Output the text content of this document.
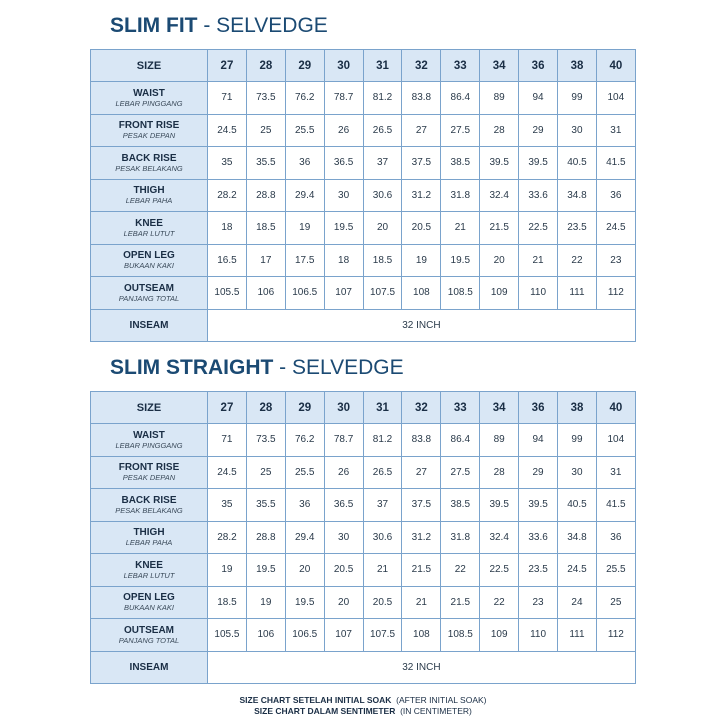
SLIM FIT - SELVEDGE
SIZE	27	28	29	30	31	32	33	34	36	38	40

WAIST
LEBAR PINGGANG	71	73.5	76.2	78.7	81.2	83.8	86.4	89	94	99	104

FRONT RISE
PESAK DEPAN	24.5	25	25.5	26	26.5	27	27.5	28	29	30	31

BACK RISE
PESAK BELAKANG	35	35.5	36	36.5	37	37.5	38.5	39.5	39.5	40.5	41.5

THIGH
LEBAR PAHA	28.2	28.8	29.4	30	30.6	31.2	31.8	32.4	33.6	34.8	36

KNEE
LEBAR LUTUT	18	18.5	19	19.5	20	20.5	21	21.5	22.5	23.5	24.5

OPEN LEG
BUKAAN KAKI	16.5	17	17.5	18	18.5	19	19.5	20	21	22	23

OUTSEAM
PANJANG TOTAL	105.5	106	106.5	107	107.5	108	108.5	109	110	111	112

INSEAM	32 INCH										
SLIM STRAIGHT - SELVEDGE
SIZE	27	28	29	30	31	32	33	34	36	38	40

WAIST
LEBAR PINGGANG	71	73.5	76.2	78.7	81.2	83.8	86.4	89	94	99	104

FRONT RISE
PESAK DEPAN	24.5	25	25.5	26	26.5	27	27.5	28	29	30	31

BACK RISE
PESAK BELAKANG	35	35.5	36	36.5	37	37.5	38.5	39.5	39.5	40.5	41.5

THIGH
LEBAR PAHA	28.2	28.8	29.4	30	30.6	31.2	31.8	32.4	33.6	34.8	36

KNEE
LEBAR LUTUT	19	19.5	20	20.5	21	21.5	22	22.5	23.5	24.5	25.5

OPEN LEG
BUKAAN KAKI	18.5	19	19.5	20	20.5	21	21.5	22	23	24	25

OUTSEAM
PANJANG TOTAL	105.5	106	106.5	107	107.5	108	108.5	109	110	111	112

INSEAM	32 INCH										
SIZE CHART SETELAH INITIAL SOAK  (AFTER INITIAL SOAK)
SIZE CHART DALAM SENTIMETER  (IN CENTIMETER)
